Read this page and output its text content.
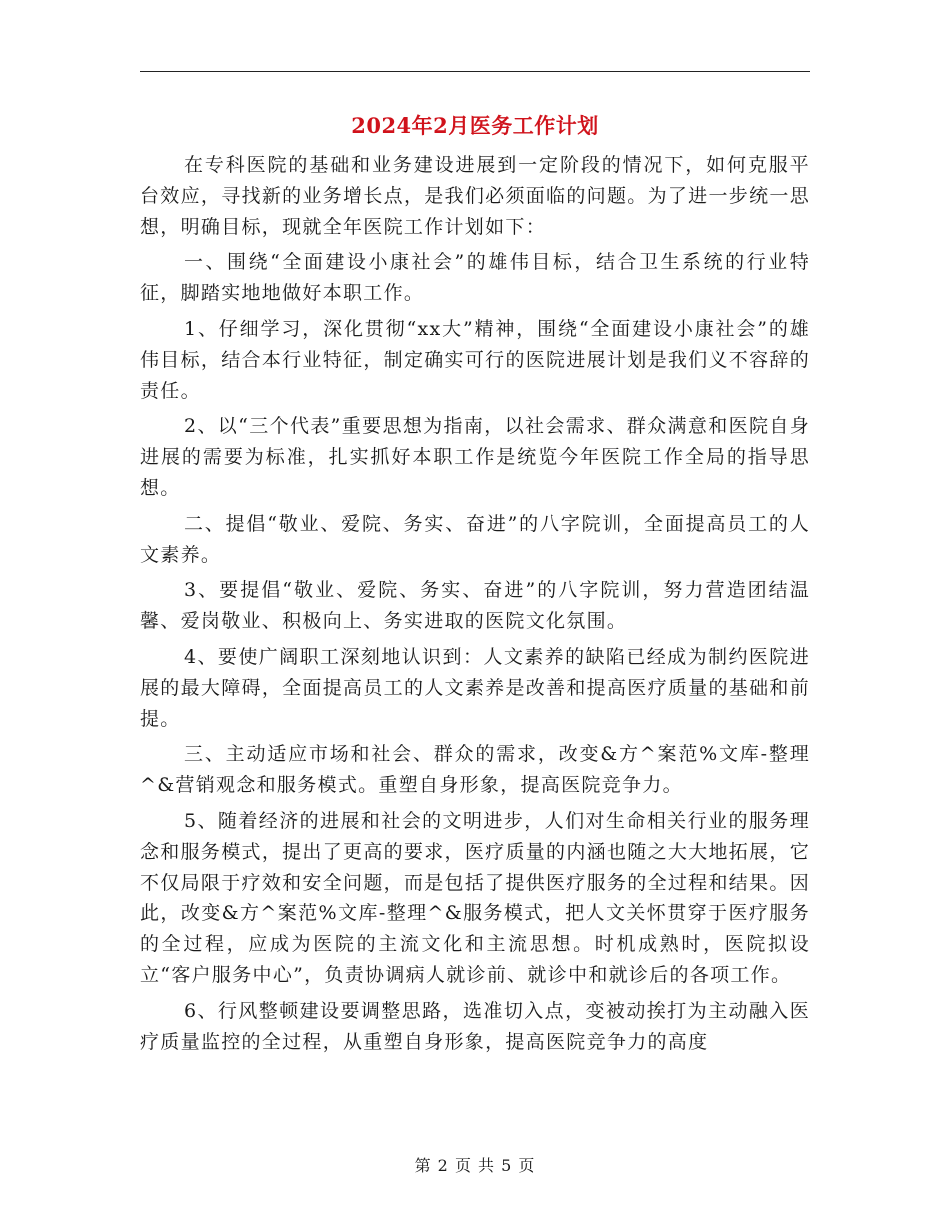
2024年2月医务工作计划

在专科医院的基础和业务建设进展到一定阶段的情况下，如何克服平台效应，寻找新的业务增长点，是我们必须面临的问题。为了进一步统一思想，明确目标，现就全年医院工作计划如下：

一、围绕“全面建设小康社会”的雄伟目标，结合卫生系统的行业特征，脚踏实地地做好本职工作。

1、仔细学习，深化贯彻“xx大”精神，围绕“全面建设小康社会”的雄伟目标，结合本行业特征，制定确实可行的医院进展计划是我们义不容辞的责任。

2、以“三个代表”重要思想为指南，以社会需求、群众满意和医院自身进展的需要为标准，扎实抓好本职工作是统览今年医院工作全局的指导思想。

二、提倡“敬业、爱院、务实、奋进”的八字院训，全面提高员工的人文素养。

3、要提倡“敬业、爱院、务实、奋进”的八字院训，努力营造团结温馨、爱岗敬业、积极向上、务实进取的医院文化氛围。

4、要使广阔职工深刻地认识到：人文素养的缺陷已经成为制约医院进展的最大障碍，全面提高员工的人文素养是改善和提高医疗质量的基础和前提。

三、主动适应市场和社会、群众的需求，改变&方^案范%文库-整理^&营销观念和服务模式。重塑自身形象，提高医院竞争力。

5、随着经济的进展和社会的文明进步，人们对生命相关行业的服务理念和服务模式，提出了更高的要求，医疗质量的内涵也随之大大地拓展，它不仅局限于疗效和安全问题，而是包括了提供医疗服务的全过程和结果。因此，改变&方^案范%文库-整理^&服务模式，把人文关怀贯穿于医疗服务的全过程，应成为医院的主流文化和主流思想。时机成熟时，医院拟设立“客户服务中心”，负责协调病人就诊前、就诊中和就诊后的各项工作。

6、行风整顿建设要调整思路，选准切入点，变被动挨打为主动融入医疗质量监控的全过程，从重塑自身形象，提高医院竞争力的高度

第 2 页 共 5 页
